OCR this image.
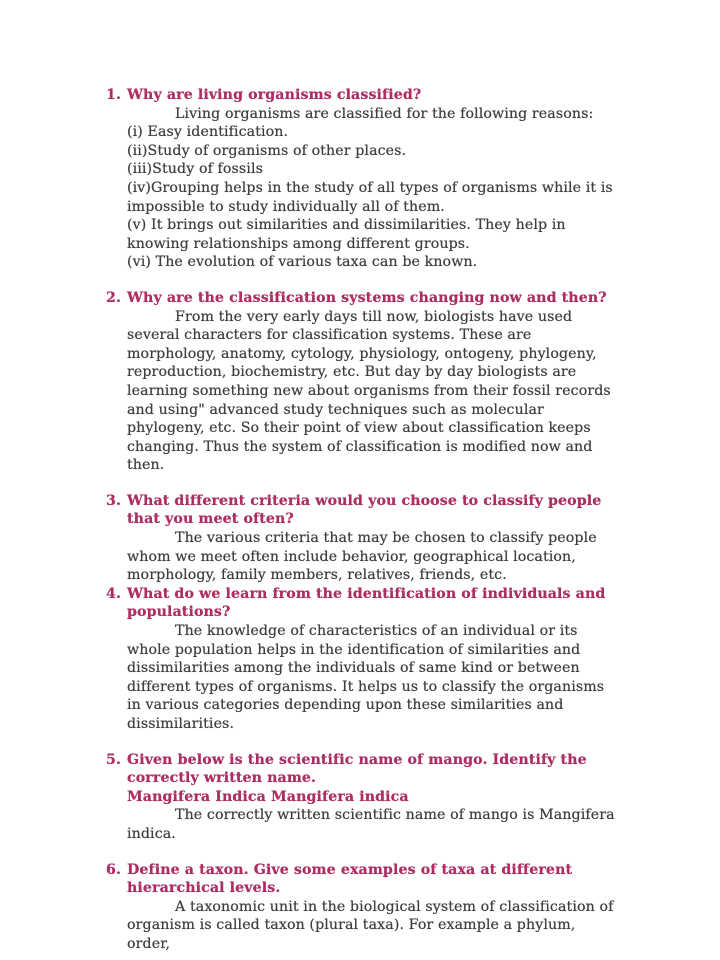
1. Why are living organisms classified?

Living organisms are classified for the following reasons:

(i) Easy identification.

(ii)Study of organisms of other places.

(iii)Study of fossils

(iv)Grouping helps in the study of all types of organisms while it is impossible to study individually all of them.

(v) It brings out similarities and dissimilarities. They help in knowing relationships among different groups.

(vi) The evolution of various taxa can be known.

2. Why are the classification systems changing now and then?

From the very early days till now, biologists have used several characters for classification systems. These are morphology, anatomy, cytology, physiology, ontogeny, phylogeny, reproduction, biochemistry, etc. But day by day biologists are learning something new about organisms from their fossil records and using" advanced study techniques such as molecular phylogeny, etc. So their point of view about classification keeps changing. Thus the system of classification is modified now and then.

3. What different criteria would you choose to classify people that you meet often?

The various criteria that may be chosen to classify people whom we meet often include behavior, geographical location, morphology, family members, relatives, friends, etc.

4. What do we learn from the identification of individuals and populations?

The knowledge of characteristics of an individual or its whole population helps in the identification of similarities and dissimilarities among the individuals of same kind or between different types of organisms. It helps us to classify the organisms in various categories depending upon these similarities and dissimilarities.

5. Given below is the scientific name of mango. Identify the correctly written name.
Mangifera Indica Mangifera indica

The correctly written scientific name of mango is Mangifera indica.

6. Define a taxon. Give some examples of taxa at different hierarchical levels.

A taxonomic unit in the biological system of classification of organism is called taxon (plural taxa). For example a phylum, order,
